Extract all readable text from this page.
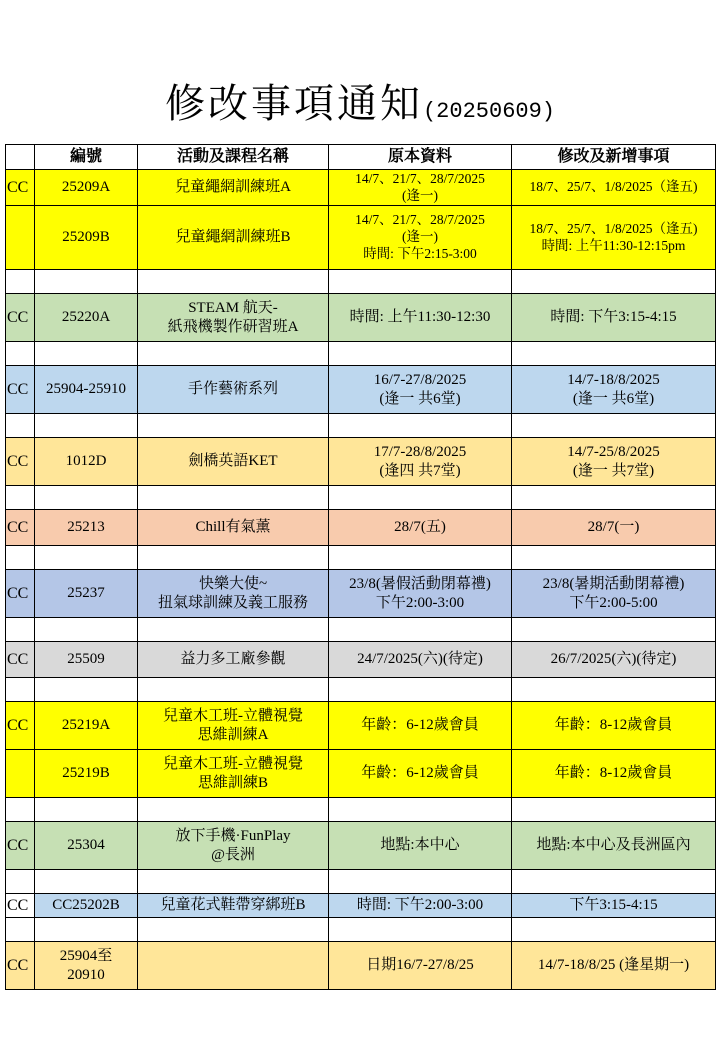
修改事項通知(20250609)
	編號	活動及課程名稱	原本資料	修改及新增事項
CC	25209A	兒童繩網訓練班A	14/7、21/7、28/7/2025
(逢一)	18/7、25/7、1/8/2025（逢五)
	25209B	兒童繩網訓練班B	14/7、21/7、28/7/2025
(逢一)
時間: 下午2:15-3:00	18/7、25/7、1/8/2025（逢五)
時間: 上午11:30-12:15pm

CC	25220A	STEAM 航天-
紙飛機製作研習班A	時間: 上午11:30-12:30	時間: 下午3:15-4:15

CC	25904-25910	手作藝術系列	16/7-27/8/2025
(逢一 共6堂)	14/7-18/8/2025
(逢一 共6堂)

CC	1012D	劍橋英語KET	17/7-28/8/2025
(逢四 共7堂)	14/7-25/8/2025
(逢一 共7堂)

CC	25213	Chill有氣薰	28/7(五)	28/7(一)

CC	25237	快樂大使~
扭氣球訓練及義工服務	23/8(暑假活動閉幕禮)
下午2:00-3:00	23/8(暑期活動閉幕禮)
下午2:00-5:00

CC	25509	益力多工廠參觀	24/7/2025(六)(待定)	26/7/2025(六)(待定)

CC	25219A	兒童木工班-立體視覺
思維訓練A	年齡：6-12歲會員	年齡：8-12歲會員
	25219B	兒童木工班-立體視覺
思維訓練B	年齡：6-12歲會員	年齡：8-12歲會員

CC	25304	放下手機·FunPlay
@長洲	地點:本中心	地點:本中心及長洲區內

CC	CC25202B	兒童花式鞋帶穿綁班B	時間: 下午2:00-3:00	下午3:15-4:15

CC	25904至
20910		日期16/7-27/8/25	14/7-18/8/25 (逢星期一)
